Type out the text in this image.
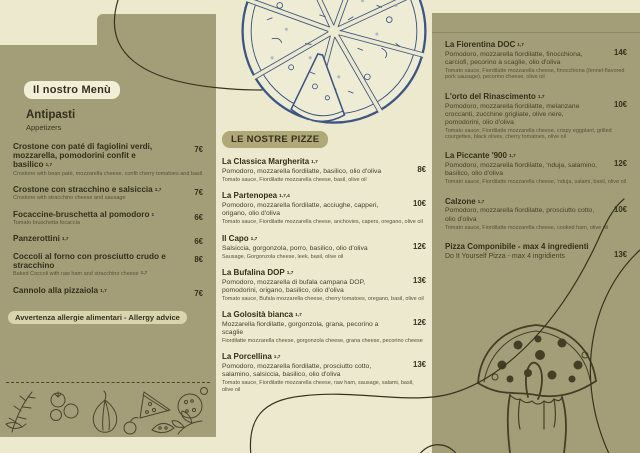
Il nostro Menù
Antipasti
Appetizers
Crostone con paté di fagiolini verdi, mozzarella, pomodorini confit e basilico 1,7
Crostone with bean paté, mozzarella cheese, confit cherry tomatoes and basil
7€
Crostone con stracchino e salsiccia 1,7
Crostone with stracchino cheese and sausage
7€
Focaccine-bruschetta al pomodoro 1
Tomato bruschetta focaccia
6€
Panzerottini 1,7	6€
Coccoli al forno con prosciutto crudo e stracchino
Baked Coccoli with raw ham and stracchino cheese 1,7
8€
Cannolo alla pizzaiola 1,7	7€
Avvertenza allergie alimentari - Allergy advice
La Fiorentina DOC 1,7
Pomodoro, mozzarella fiordilatte, finocchiona, carciofi, pecorino a scaglie, olio d'oliva
Tomato sauce, Fiordilatte mozzarella cheese, finocchiona (fennel-flavored pork sausage), pecorino cheese, olive oil
14€
L'orto del Rinascimento 1,7
Pomodoro, mozzarella fiordilatte, melanzane croccanti, zucchine grigliate, olive nere, pomodorini, olio d'oliva
Tomato sauce, Fiordilatte mozzarella cheese, crispy eggplant, grilled courgettes, black olives, cherry tomatoes, olive oil
10€
La Piccante '900 1,7
Pomodoro, mozzarella fiordilatte, 'nduja, salamino, basilico, olio d'oliva
Tomato sauce, Fiordilatte mozzarella cheese, 'nduja, salami, basil, olive oil
12€
Calzone 1,7
Pomodoro, mozzarella fiordilatte, prosciutto cotto, olio d'oliva
Tomato sauce, Fiordilatte mozzarella cheese, cooked ham, olive oil
10€
Pizza Componibile - max 4 ingredienti
Do It Yourself Pizza - max 4 ingridients	13€
LE NOSTRE PIZZE
La Classica Margherita 1,7
Pomodoro, mozzarella fiordilatte, basilico, olio d'oliva
Tomato sauce, Fiordilatte mozzarella cheese, basil, olive oil
8€
La Partenopea 1,7,4
Pomodoro, mozzarella fiordilatte, acciughe, capperi, origano, olio d'oliva
Tomato sauce, Fiordilatte mozzarella cheese, anchovies, capers, oregano, olive oil
10€
Il Capo 1,7
Salsiccia, gorgonzola, porro, basilico, olio d'oliva
Sausage, Gorgonzola cheese, leek, basil, olive oil
12€
La Bufalina DOP 1,7
Pomodoro, mozzarella di bufala campana DOP, pomodorini, origano, basilico, olio d'oliva
Tomato sauce, Bufala mozzarella cheese, cherry tomatoes, oregano, basil, olive oil
13€
La Golosità bianca 1,7
Mozzarella fiordilatte, gorgonzola, grana, pecorino a scaglie
Fiordilatte mozzarella cheese, gorgonzola cheese, grana cheese, pecorino cheese
12€
La Porcellina 1,7
Pomodoro, mozzarella fiordilatte, prosciutto cotto, salamino, salsiccia, basilico, olio d'oliva
Tomato sauce, Fiordilatte mozzarella cheese, raw ham, sausage, salami, basil, olive oil
13€
